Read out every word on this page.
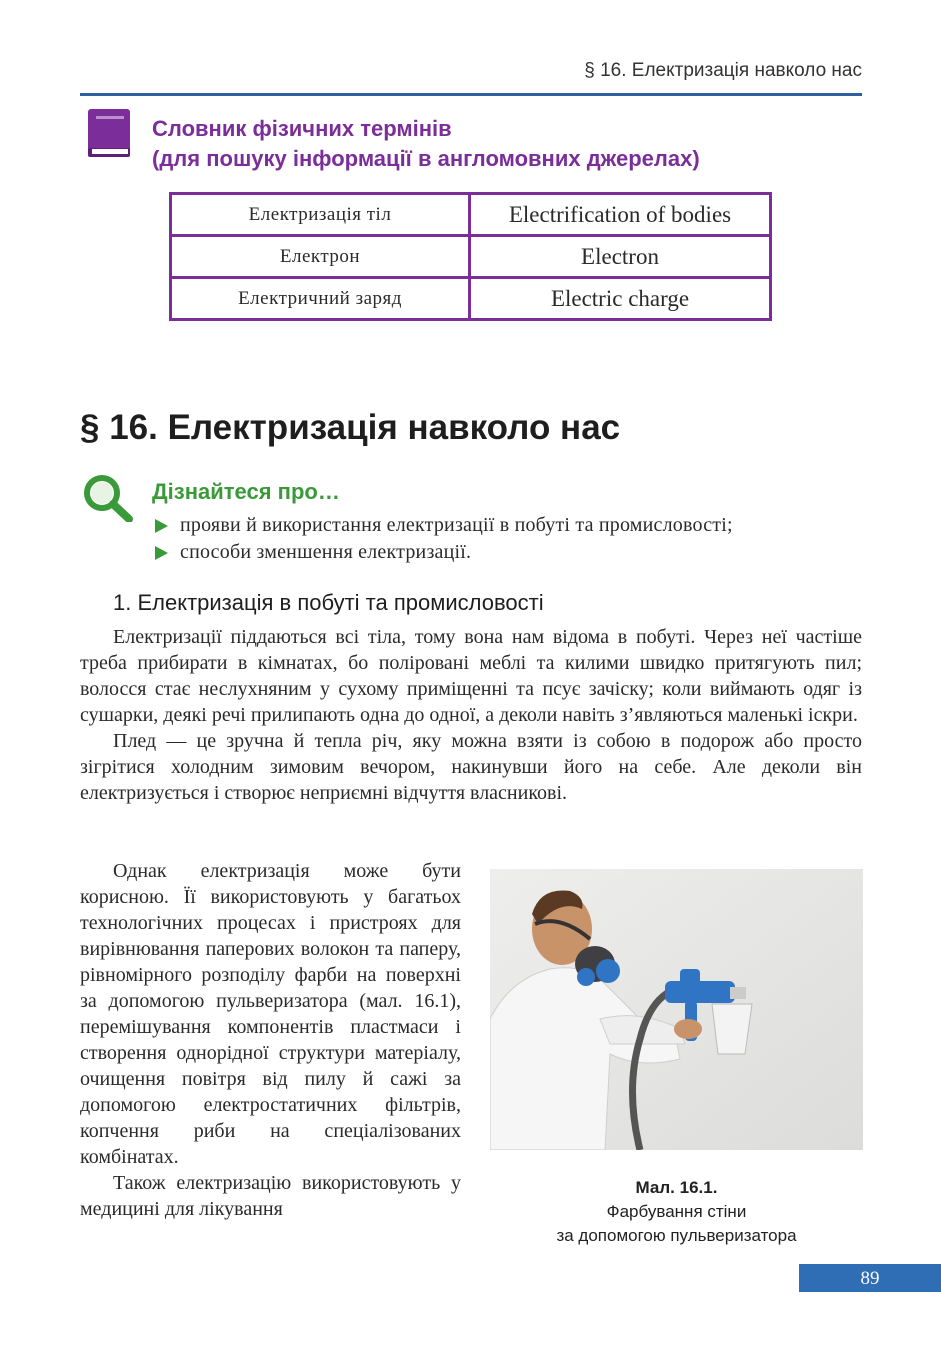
§ 16. Електризація навколо нас
Словник фізичних термінів
(для пошуку інформації в англомовних джерелах)
Електризація тіл	Electrification of bodies
Електрон	Electron
Електричний заряд	Electric charge
§ 16. Електризація навколо нас
Дізнайтеся про…
прояви й використання електризації в побуті та промисловості;
способи зменшення електризації.
1. Електризація в побуті та промисловості

Електризації піддаються всі тіла, тому вона нам відома в побуті. Через неї частіше треба прибирати в кімнатах, бо поліровані меблі та килими швидко притягують пил; волосся стає неслухняним у сухому приміщенні та псує зачіску; коли виймають одяг із сушарки, деякі речі прилипають одна до одної, а деколи навіть з’являються маленькі іскри.

Плед — це зручна й тепла річ, яку можна взяти із собою в подорож або просто зігрітися холодним зимовим вечором, накинувши його на себе. Але деколи він електризується і створює неприємні відчуття власникові.

Однак електризація може бути корисною. Її використовують у багатьох технологічних процесах і пристроях для вирівнювання паперових волокон та паперу, рівномірного розподілу фарби на поверхні за допомогою пульверизатора (мал. 16.1), перемішування компонентів пластмаси і створення однорідної структури матеріалу, очищення повітря від пилу й сажі за допомогою електростатичних фільтрів, копчення риби на спеціалізованих комбінатах.

Також електризацію використовують у медицині для лікування

Мал. 16.1.
Фарбування стіни
за допомогою пульверизатора
89
